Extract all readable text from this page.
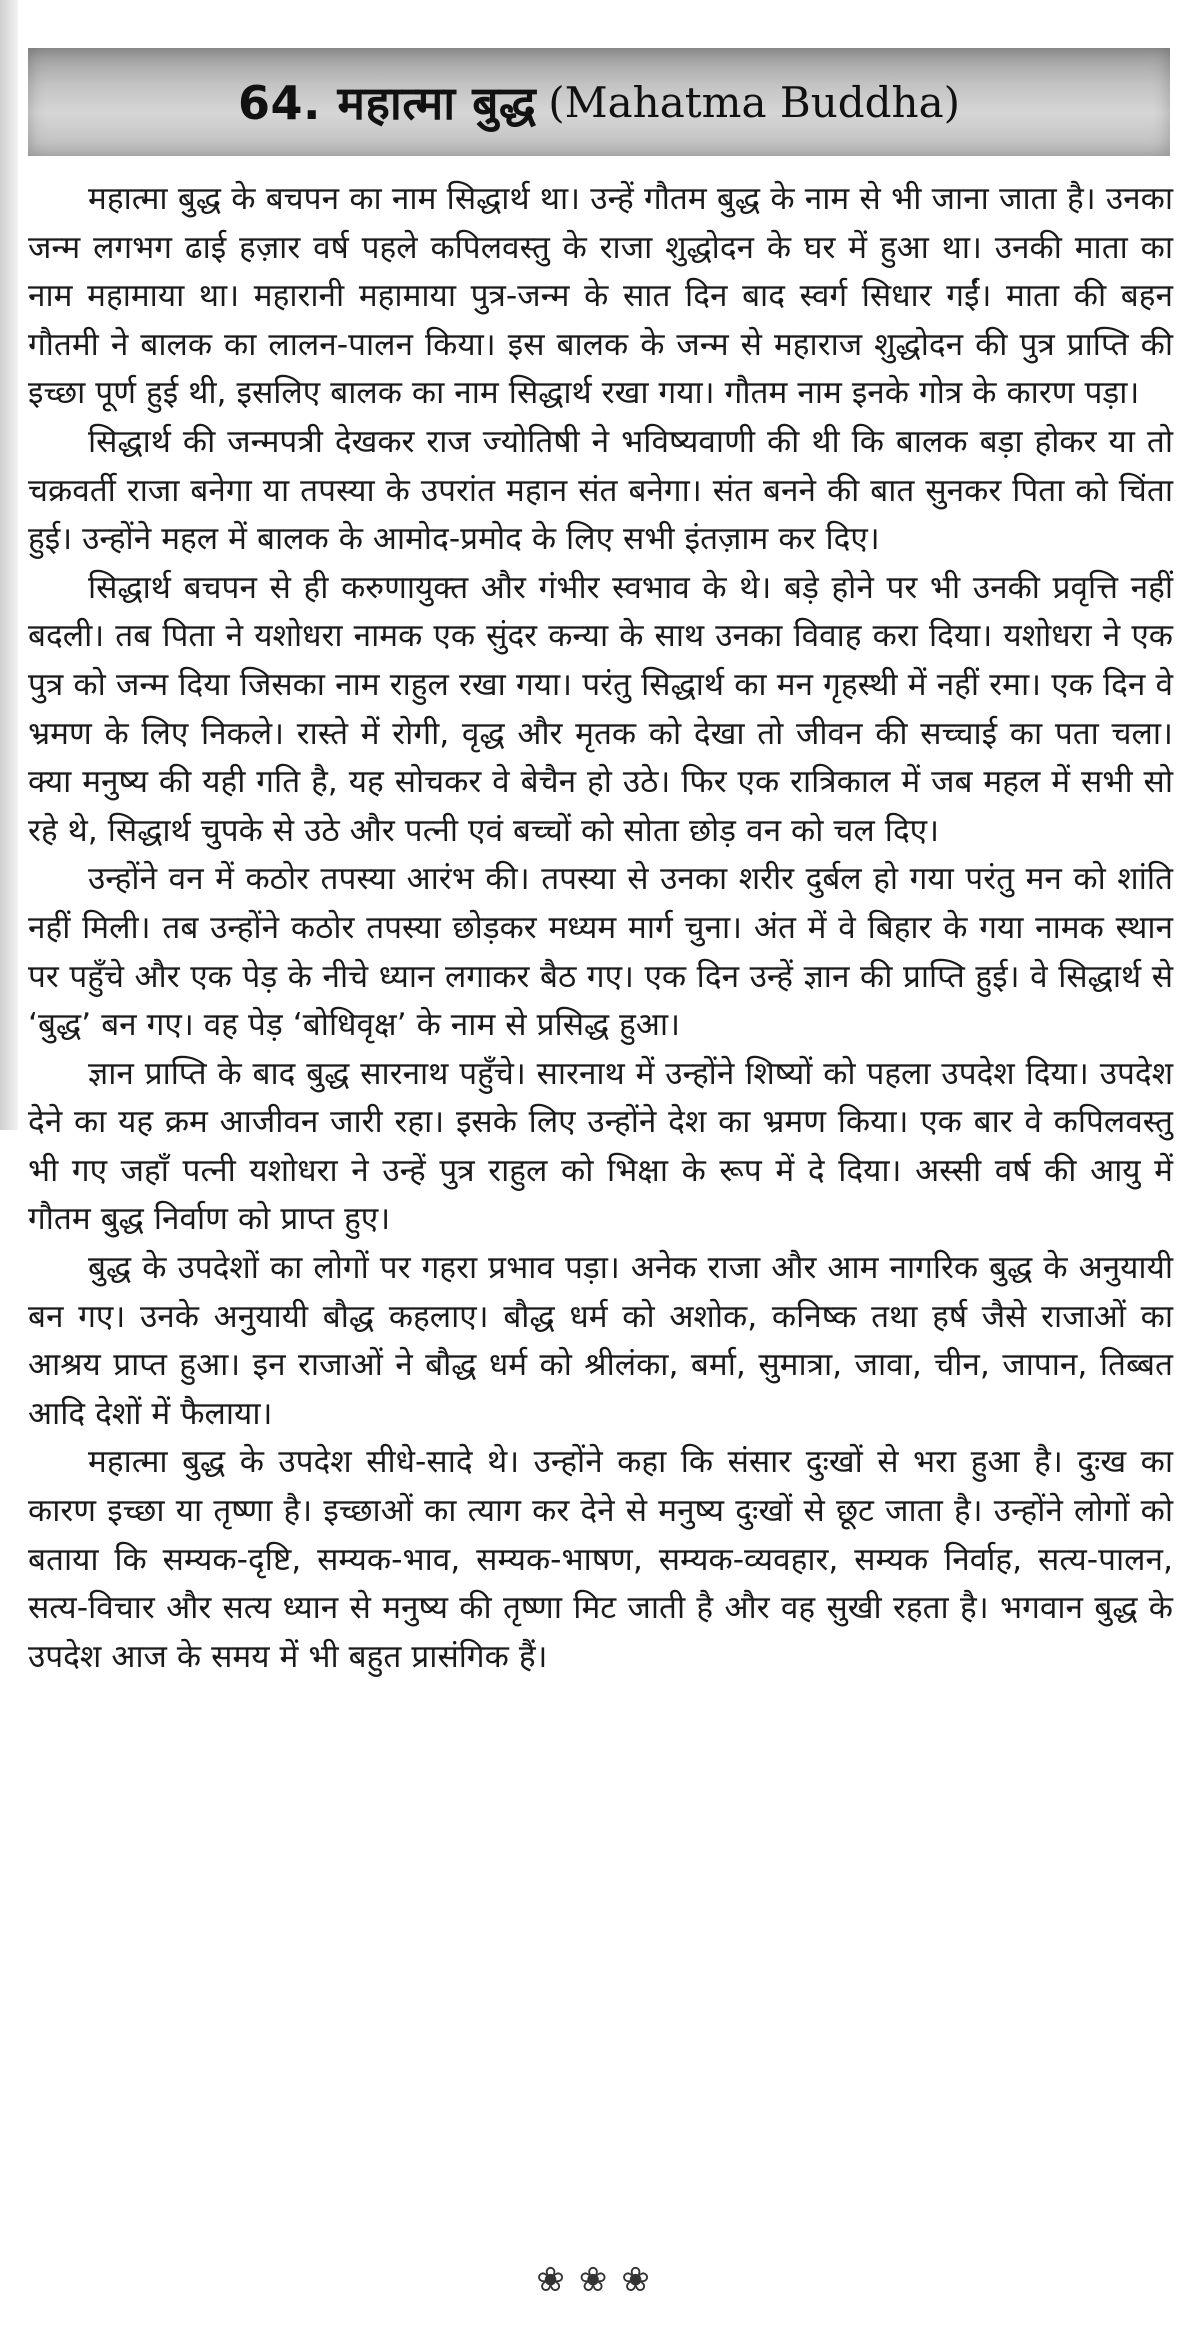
64. महात्मा बुद्ध (Mahatma Buddha)

महात्मा बुद्ध के बचपन का नाम सिद्धार्थ था। उन्हें गौतम बुद्ध के नाम से भी जाना जाता है। उनका जन्म लगभग ढाई हज़ार वर्ष पहले कपिलवस्तु के राजा शुद्धोदन के घर में हुआ था। उनकी माता का नाम महामाया था। महारानी महामाया पुत्र-जन्म के सात दिन बाद स्वर्ग सिधार गईं। माता की बहन गौतमी ने बालक का लालन-पालन किया। इस बालक के जन्म से महाराज शुद्धोदन की पुत्र प्राप्ति की इच्छा पूर्ण हुई थी, इसलिए बालक का नाम सिद्धार्थ रखा गया। गौतम नाम इनके गोत्र के कारण पड़ा।

सिद्धार्थ की जन्मपत्री देखकर राज ज्योतिषी ने भविष्यवाणी की थी कि बालक बड़ा होकर या तो चक्रवर्ती राजा बनेगा या तपस्या के उपरांत महान संत बनेगा। संत बनने की बात सुनकर पिता को चिंता हुई। उन्होंने महल में बालक के आमोद-प्रमोद के लिए सभी इंतज़ाम कर दिए।

सिद्धार्थ बचपन से ही करुणायुक्त और गंभीर स्वभाव के थे। बड़े होने पर भी उनकी प्रवृत्ति नहीं बदली। तब पिता ने यशोधरा नामक एक सुंदर कन्या के साथ उनका विवाह करा दिया। यशोधरा ने एक पुत्र को जन्म दिया जिसका नाम राहुल रखा गया। परंतु सिद्धार्थ का मन गृहस्थी में नहीं रमा। एक दिन वे भ्रमण के लिए निकले। रास्ते में रोगी, वृद्ध और मृतक को देखा तो जीवन की सच्चाई का पता चला। क्या मनुष्य की यही गति है, यह सोचकर वे बेचैन हो उठे। फिर एक रात्रिकाल में जब महल में सभी सो रहे थे, सिद्धार्थ चुपके से उठे और पत्नी एवं बच्चों को सोता छोड़ वन को चल दिए।

उन्होंने वन में कठोर तपस्या आरंभ की। तपस्या से उनका शरीर दुर्बल हो गया परंतु मन को शांति नहीं मिली। तब उन्होंने कठोर तपस्या छोड़कर मध्यम मार्ग चुना। अंत में वे बिहार के गया नामक स्थान पर पहुँचे और एक पेड़ के नीचे ध्यान लगाकर बैठ गए। एक दिन उन्हें ज्ञान की प्राप्ति हुई। वे सिद्धार्थ से ‘बुद्ध’ बन गए। वह पेड़ ‘बोधिवृक्ष’ के नाम से प्रसिद्ध हुआ।

ज्ञान प्राप्ति के बाद बुद्ध सारनाथ पहुँचे। सारनाथ में उन्होंने शिष्यों को पहला उपदेश दिया। उपदेश देने का यह क्रम आजीवन जारी रहा। इसके लिए उन्होंने देश का भ्रमण किया। एक बार वे कपिलवस्तु भी गए जहाँ पत्नी यशोधरा ने उन्हें पुत्र राहुल को भिक्षा के रूप में दे दिया। अस्सी वर्ष की आयु में गौतम बुद्ध निर्वाण को प्राप्त हुए।

बुद्ध के उपदेशों का लोगों पर गहरा प्रभाव पड़ा। अनेक राजा और आम नागरिक बुद्ध के अनुयायी बन गए। उनके अनुयायी बौद्ध कहलाए। बौद्ध धर्म को अशोक, कनिष्क तथा हर्ष जैसे राजाओं का आश्रय प्राप्त हुआ। इन राजाओं ने बौद्ध धर्म को श्रीलंका, बर्मा, सुमात्रा, जावा, चीन, जापान, तिब्बत आदि देशों में फैलाया।

महात्मा बुद्ध के उपदेश सीधे-सादे थे। उन्होंने कहा कि संसार दुःखों से भरा हुआ है। दुःख का कारण इच्छा या तृष्णा है। इच्छाओं का त्याग कर देने से मनुष्य दुःखों से छूट जाता है। उन्होंने लोगों को बताया कि सम्यक-दृष्टि, सम्यक-भाव, सम्यक-भाषण, सम्यक-व्यवहार, सम्यक निर्वाह, सत्य-पालन, सत्य-विचार और सत्य ध्यान से मनुष्य की तृष्णा मिट जाती है और वह सुखी रहता है। भगवान बुद्ध के उपदेश आज के समय में भी बहुत प्रासंगिक हैं।

❀❀❀
